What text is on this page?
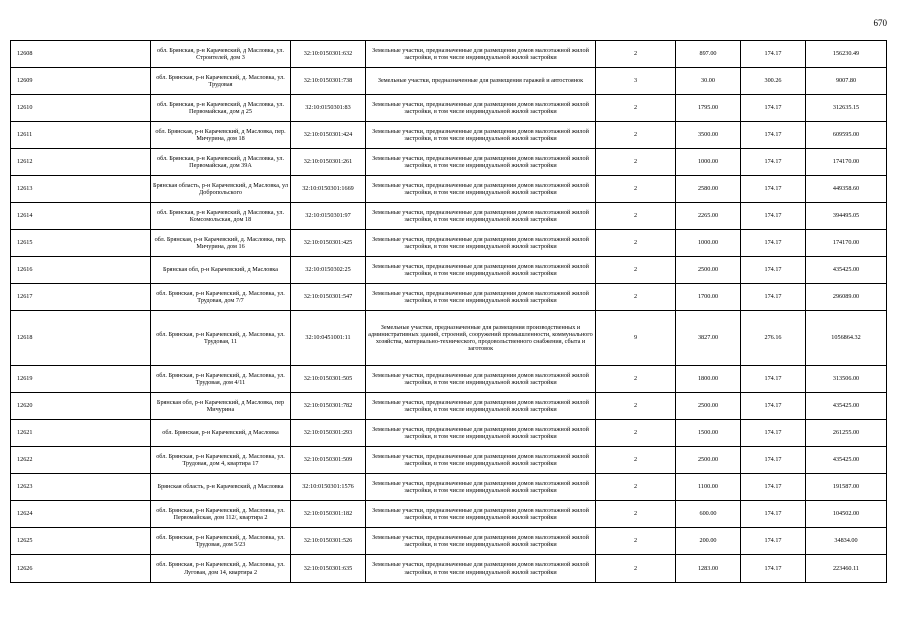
670
12608	обл. Брянская, р-н Карачевский, д Масловка, ул. Строителей, дом 3	32:10:0150301:632	Земельные участки, предназначенные для размещения домов малоэтажной жилой застройки, в том числе индивидуальной жилой застройки	2	897.00	174.17	156230.49
12609	обл. Брянская, р-н Карачевский, д. Масловка, ул. Трудовая	32:10:0150301:738	Земельные участки, предназначенные для размещения гаражей и автостоянок	3	30.00	300.26	9007.80
12610	обл. Брянская, р-н Карачевский, д Масловка, ул. Первомайская, дом д 25	32:10:0150301:83	Земельные участки, предназначенные для размещения домов малоэтажной жилой застройки, в том числе индивидуальной жилой застройки	2	1795.00	174.17	312635.15
12611	обл. Брянская, р-н Карачевский, д Масловка, пер. Мичурина, дом 18	32:10:0150301:424	Земельные участки, предназначенные для размещения домов малоэтажной жилой застройки, в том числе индивидуальной жилой застройки	2	3500.00	174.17	609595.00
12612	обл. Брянская, р-н Карачевский, д Масловка, ул. Первомайская, дом 39А	32:10:0150301:261	Земельные участки, предназначенные для размещения домов малоэтажной жилой застройки, в том числе индивидуальной жилой застройки	2	1000.00	174.17	174170.00
12613	Брянская область, р-н Карачевский, д Масловка, ул Добропольского	32:10:0150301:1669	Земельные участки, предназначенные для размещения домов малоэтажной жилой застройки, в том числе индивидуальной жилой застройки	2	2580.00	174.17	449358.60
12614	обл. Брянская, р-н Карачевский, д Масловка, ул. Комсомольская, дом 18	32:10:0150301:97	Земельные участки, предназначенные для размещения домов малоэтажной жилой застройки, в том числе индивидуальной жилой застройки	2	2265.00	174.17	394495.05
12615	обл. Брянская, р-н Карачевский, д. Масловка, пер. Мичурина, дом 16	32:10:0150301:425	Земельные участки, предназначенные для размещения домов малоэтажной жилой застройки, в том числе индивидуальной жилой застройки	2	1000.00	174.17	174170.00
12616	Брянская обл, р-н Карачевский, д Масловка	32:10:0150302:25	Земельные участки, предназначенные для размещения домов малоэтажной жилой застройки, в том числе индивидуальной жилой застройки	2	2500.00	174.17	435425.00
12617	обл. Брянская, р-н Карачевский, д. Масловка, ул. Трудовая, дом 7/7	32:10:0150301:547	Земельные участки, предназначенные для размещения домов малоэтажной жилой застройки, в том числе индивидуальной жилой застройки	2	1700.00	174.17	296089.00
12618	обл. Брянская, р-н Карачевский, д. Масловка, ул. Трудовая, 11	32:10:0451001:11	Земельные участки, предназначенные для размещения производственных и административных зданий, строений, сооружений промышленности, коммунального хозяйства, материально-технического, продовольственного снабжения, сбыта и заготовок	9	3827.00	276.16	1056864.32
12619	обл. Брянская, р-н Карачевский, д. Масловка, ул. Трудовая, дом 4/11	32:10:0150301:505	Земельные участки, предназначенные для размещения домов малоэтажной жилой застройки, в том числе индивидуальной жилой застройки	2	1800.00	174.17	313506.00
12620	Брянская обл, р-н Карачевский, д Масловка, пер Мичурина	32:10:0150301:782	Земельные участки, предназначенные для размещения домов малоэтажной жилой застройки, в том числе индивидуальной жилой застройки	2	2500.00	174.17	435425.00
12621	обл. Брянская, р-н Карачевский, д Масловка	32:10:0150301:293	Земельные участки, предназначенные для размещения домов малоэтажной жилой застройки, в том числе индивидуальной жилой застройки	2	1500.00	174.17	261255.00
12622	обл. Брянская, р-н Карачевский, д. Масловка, ул. Трудовая, дом 4, квартира 17	32:10:0150301:509	Земельные участки, предназначенные для размещения домов малоэтажной жилой застройки, в том числе индивидуальной жилой застройки	2	2500.00	174.17	435425.00
12623	Брянская область, р-н Карачевский, д Масловка	32:10:0150301:1576	Земельные участки, предназначенные для размещения домов малоэтажной жилой застройки, в том числе индивидуальной жилой застройки	2	1100.00	174.17	191587.00
12624	обл. Брянская, р-н Карачевский, д. Масловка, ул. Первомайская, дом 112/, квартира 2	32:10:0150301:182	Земельные участки, предназначенные для размещения домов малоэтажной жилой застройки, в том числе индивидуальной жилой застройки	2	600.00	174.17	104502.00
12625	обл. Брянская, р-н Карачевский, д. Масловка, ул. Трудовая, дом 5/23	32:10:0150301:526	Земельные участки, предназначенные для размещения домов малоэтажной жилой застройки, в том числе индивидуальной жилой застройки	2	200.00	174.17	34834.00
12626	обл. Брянская, р-н Карачевский, д. Масловка, ул. Луговая, дом 14, квартира 2	32:10:0150301:635	Земельные участки, предназначенные для размещения домов малоэтажной жилой застройки, в том числе индивидуальной жилой застройки	2	1283.00	174.17	223460.11
